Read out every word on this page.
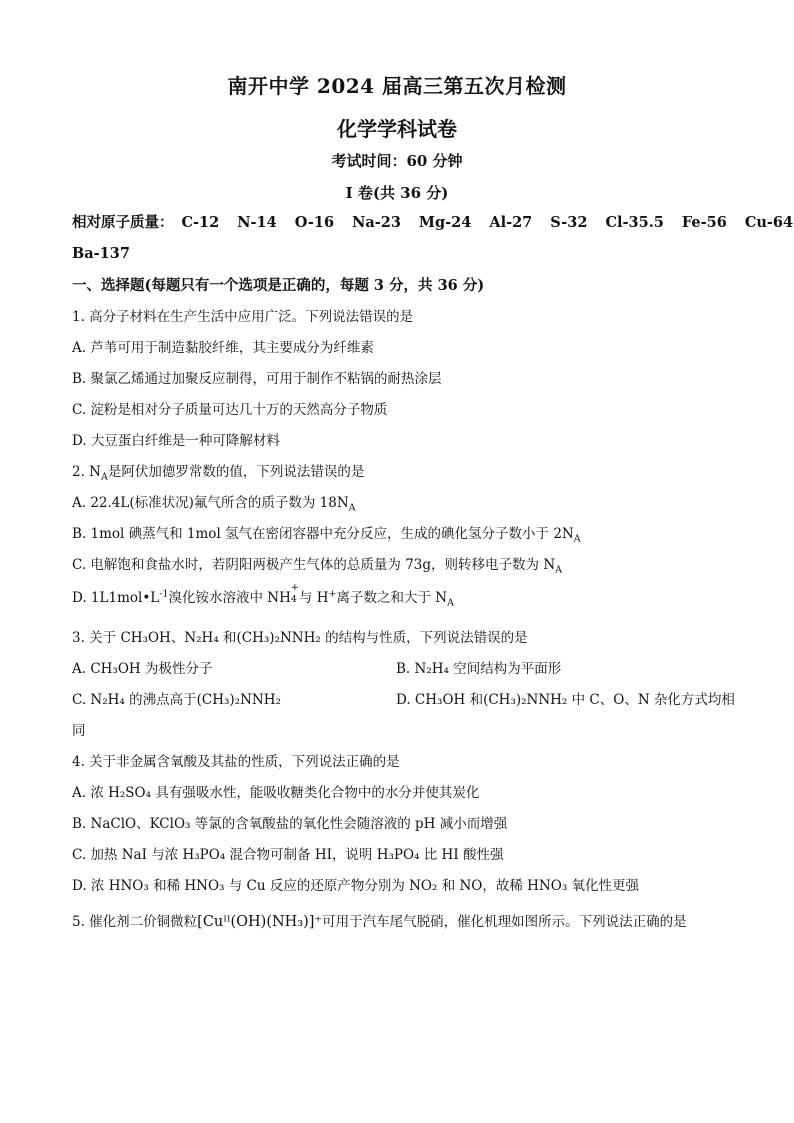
南开中学 2024 届高三第五次月检测
化学学科试卷
考试时间：60 分钟
I 卷(共 36 分)
相对原子质量： C-12 N-14 O-16 Na-23 Mg-24 Al-27 S-32 Cl-35.5 Fe-56 Cu-64
Ba-137
一、选择题(每题只有一个选项是正确的，每题 3 分，共 36 分)
1. 高分子材料在生产生活中应用广泛。下列说法错误的是
A. 芦苇可用于制造黏胶纤维，其主要成分为纤维素
B. 聚氯乙烯通过加聚反应制得，可用于制作不粘锅的耐热涂层
C. 淀粉是相对分子质量可达几十万的天然高分子物质
D. 大豆蛋白纤维是一种可降解材料
2. $N_A$是阿伏加德罗常数的值，下列说法错误的是
A. 22.4L(标准状况)氟气所含的质子数为 $18N_A$
B. 1mol 碘蒸气和 1mol 氢气在密闭容器中充分反应，生成的碘化氢分子数小于 $2N_A$
C. 电解饱和食盐水时，若阴阳两极产生气体的总质量为 73g，则转移电子数为 $N_A$
D. $1L1mol•L^{-1}$溴化铵水溶液中 NH
+
4 与 H+离子数之和大于 $N_A$
3. 关于 CH₃OH、N₂H₄ 和(CH₃)₂NNH₂ 的结构与性质，下列说法错误的是
A. CH₃OH 为极性分子	B. N₂H₄ 空间结构为平面形
C. N₂H₄ 的沸点高于(CH₃)₂NNH₂	D. CH₃OH 和(CH₃)₂NNH₂ 中 C、O、N 杂化方式均相
同
4. 关于非金属含氧酸及其盐的性质，下列说法正确的是
A. 浓 H₂SO₄ 具有强吸水性，能吸收糖类化合物中的水分并使其炭化
B. NaClO、KClO₃ 等氯的含氧酸盐的氧化性会随溶液的 pH 减小而增强
C. 加热 NaI 与浓 H₃PO₄ 混合物可制备 HI，说明 H₃PO₄ 比 HI 酸性强
D. 浓 HNO₃ 和稀 HNO₃ 与 Cu 反应的还原产物分别为 NO₂ 和 NO，故稀 HNO₃ 氧化性更强
5. 催化剂二价铜微粒[Cuᴵᴵ(OH)(NH₃)]⁺可用于汽车尾气脱硝，催化机理如图所示。下列说法正确的是
